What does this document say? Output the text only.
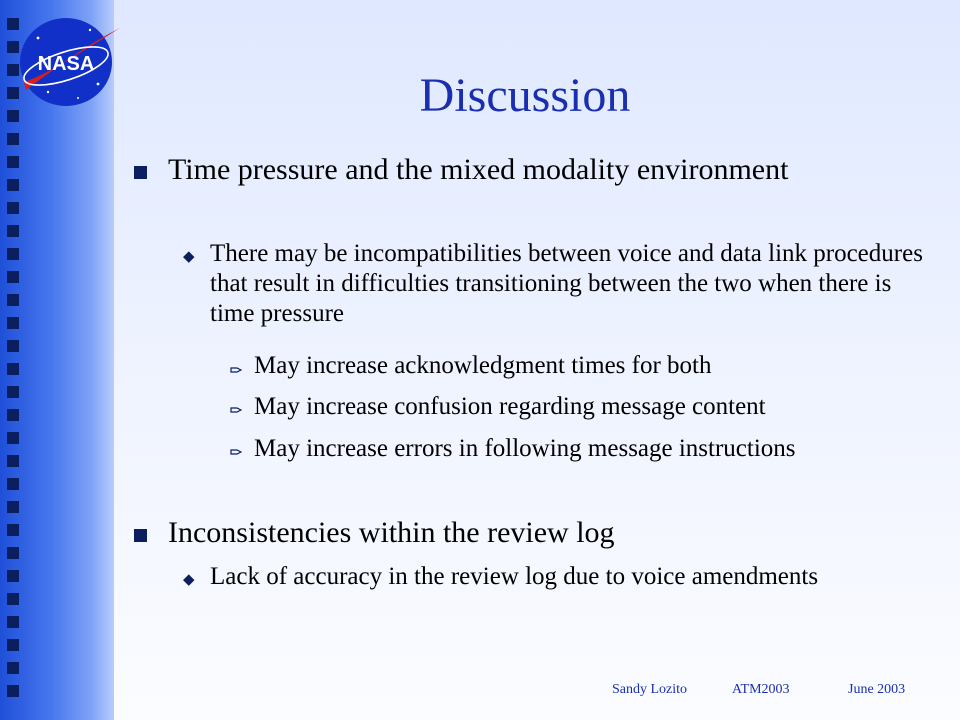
NASA
Discussion
Time pressure and the mixed modality environment
◆ There may be incompatibilities between voice and data link procedures that result in difficulties transitioning between the two when there is time pressure
May increase acknowledgment times for both
May increase confusion regarding message content
May increase errors in following message instructions
Inconsistencies within the review log
◆ Lack of accuracy in the review log due to voice amendments
Sandy Lozito	ATM2003	June 2003
